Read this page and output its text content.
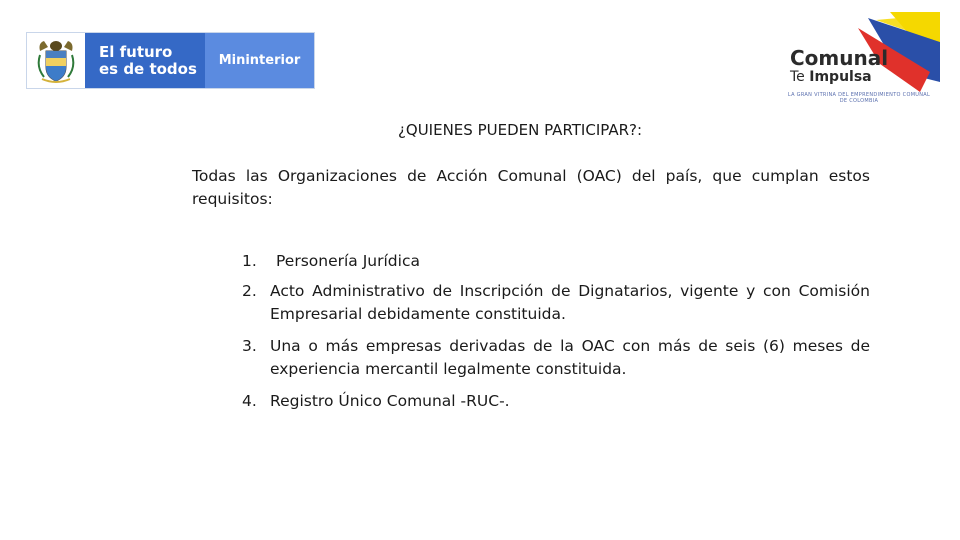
El futuro
es de todos	Mininterior	Comunal
Te Impulsa
LA GRAN VITRINA DEL EMPRENDIMIENTO COMUNAL DE COLOMBIA
¿QUIENES PUEDEN PARTICIPAR?:
Todas las Organizaciones de Acción Comunal (OAC) del país, que cumplan estos requisitos:
1. Personería Jurídica
2. Acto Administrativo de Inscripción de Dignatarios, vigente y con Comisión Empresarial debidamente constituida.
3. Una o más empresas derivadas de la OAC con más de seis (6) meses de experiencia mercantil legalmente constituida.
4. Registro Único Comunal -RUC-.
